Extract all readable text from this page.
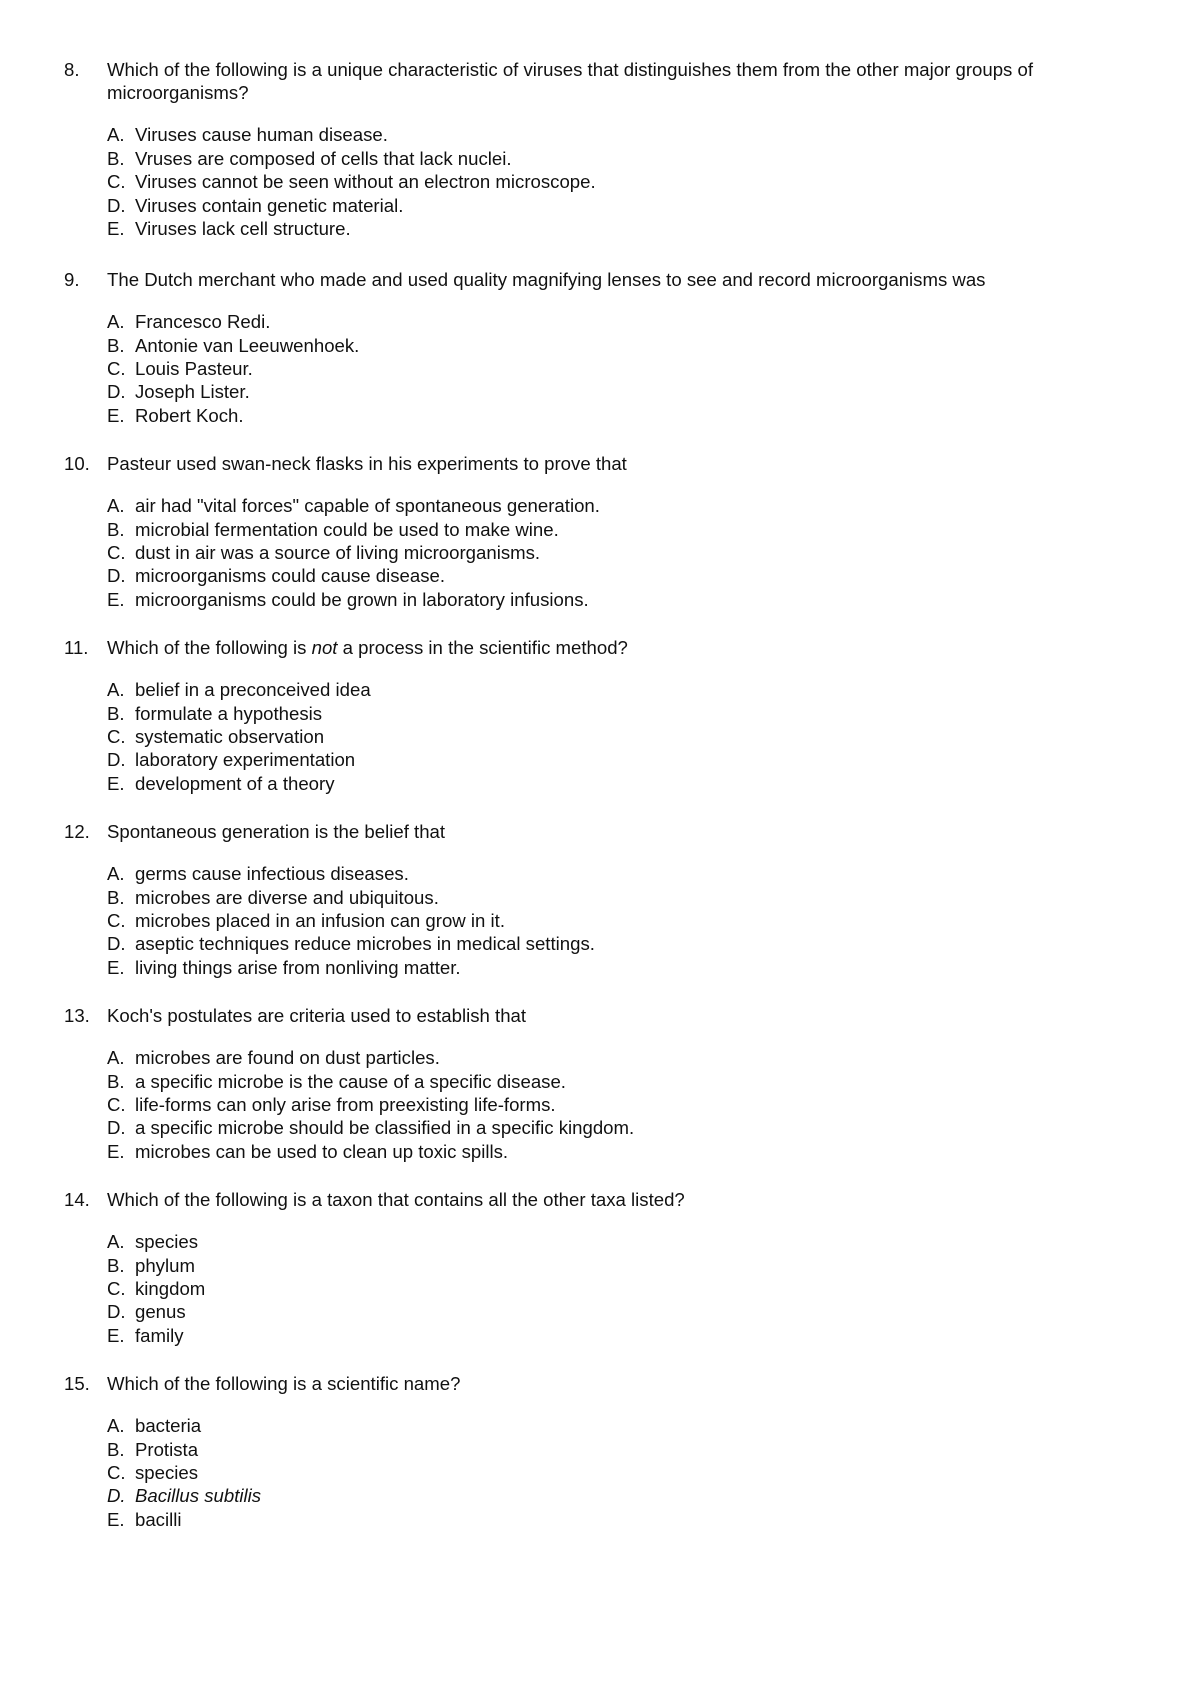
8. Which of the following is a unique characteristic of viruses that distinguishes them from the other major groups of microorganisms?
A. Viruses cause human disease.
B. Vruses are composed of cells that lack nuclei.
C. Viruses cannot be seen without an electron microscope.
D. Viruses contain genetic material.
E. Viruses lack cell structure.
9. The Dutch merchant who made and used quality magnifying lenses to see and record microorganisms was
A. Francesco Redi.
B. Antonie van Leeuwenhoek.
C. Louis Pasteur.
D. Joseph Lister.
E. Robert Koch.
10. Pasteur used swan-neck flasks in his experiments to prove that
A. air had "vital forces" capable of spontaneous generation.
B. microbial fermentation could be used to make wine.
C. dust in air was a source of living microorganisms.
D. microorganisms could cause disease.
E. microorganisms could be grown in laboratory infusions.
11. Which of the following is not a process in the scientific method?
A. belief in a preconceived idea
B. formulate a hypothesis
C. systematic observation
D. laboratory experimentation
E. development of a theory
12. Spontaneous generation is the belief that
A. germs cause infectious diseases.
B. microbes are diverse and ubiquitous.
C. microbes placed in an infusion can grow in it.
D. aseptic techniques reduce microbes in medical settings.
E. living things arise from nonliving matter.
13. Koch's postulates are criteria used to establish that
A. microbes are found on dust particles.
B. a specific microbe is the cause of a specific disease.
C. life-forms can only arise from preexisting life-forms.
D. a specific microbe should be classified in a specific kingdom.
E. microbes can be used to clean up toxic spills.
14. Which of the following is a taxon that contains all the other taxa listed?
A. species
B. phylum
C. kingdom
D. genus
E. family
15. Which of the following is a scientific name?
A. bacteria
B. Protista
C. species
D. Bacillus subtilis
E. bacilli
